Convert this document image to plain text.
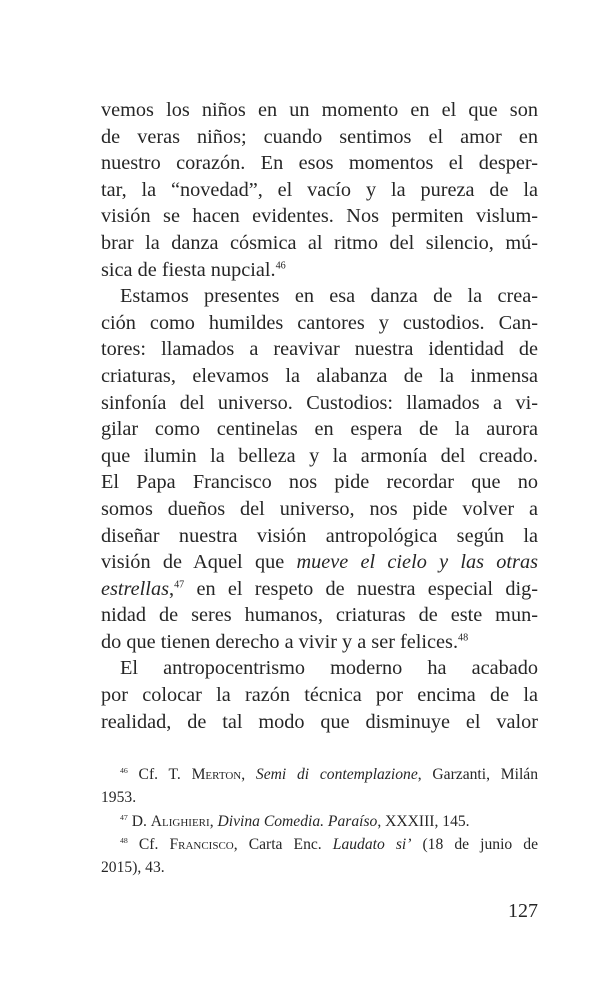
vemos los niños en un momento en el que son
de veras niños; cuando sentimos el amor en
nuestro corazón. En esos momentos el desper-
tar, la “novedad”, el vacío y la pureza de la
visión se hacen evidentes. Nos permiten vislum-
brar la danza cósmica al ritmo del silencio, mú-
sica de fiesta nupcial.$^{46}$
Estamos presentes en esa danza de la crea-
ción como humildes cantores y custodios. Can-
tores: llamados a reavivar nuestra identidad de
criaturas, elevamos la alabanza de la inmensa
sinfonía del universo. Custodios: llamados a vi-
gilar como centinelas en espera de la aurora
que ilumin la belleza y la armonía del creado.
El Papa Francisco nos pide recordar que no
somos dueños del universo, nos pide volver a
diseñar nuestra visión antropológica según la
visión de Aquel que mueve el cielo y las otras
estrellas,$^{47}$ en el respeto de nuestra especial dig-
nidad de seres humanos, criaturas de este mun-
do que tienen derecho a vivir y a ser felices.$^{48}$
El antropocentrismo moderno ha acabado
por colocar la razón técnica por encima de la
realidad, de tal modo que disminuye el valor
$^{46}$ Cf. T. Merton, Semi di contemplazione, Garzanti, Milán
1953.
$^{47}$ D. Alighieri, Divina Comedia. Paraíso, XXXIII, 145.
$^{48}$ Cf. Francisco, Carta Enc. Laudato si’ (18 de junio de
2015), 43.
127
